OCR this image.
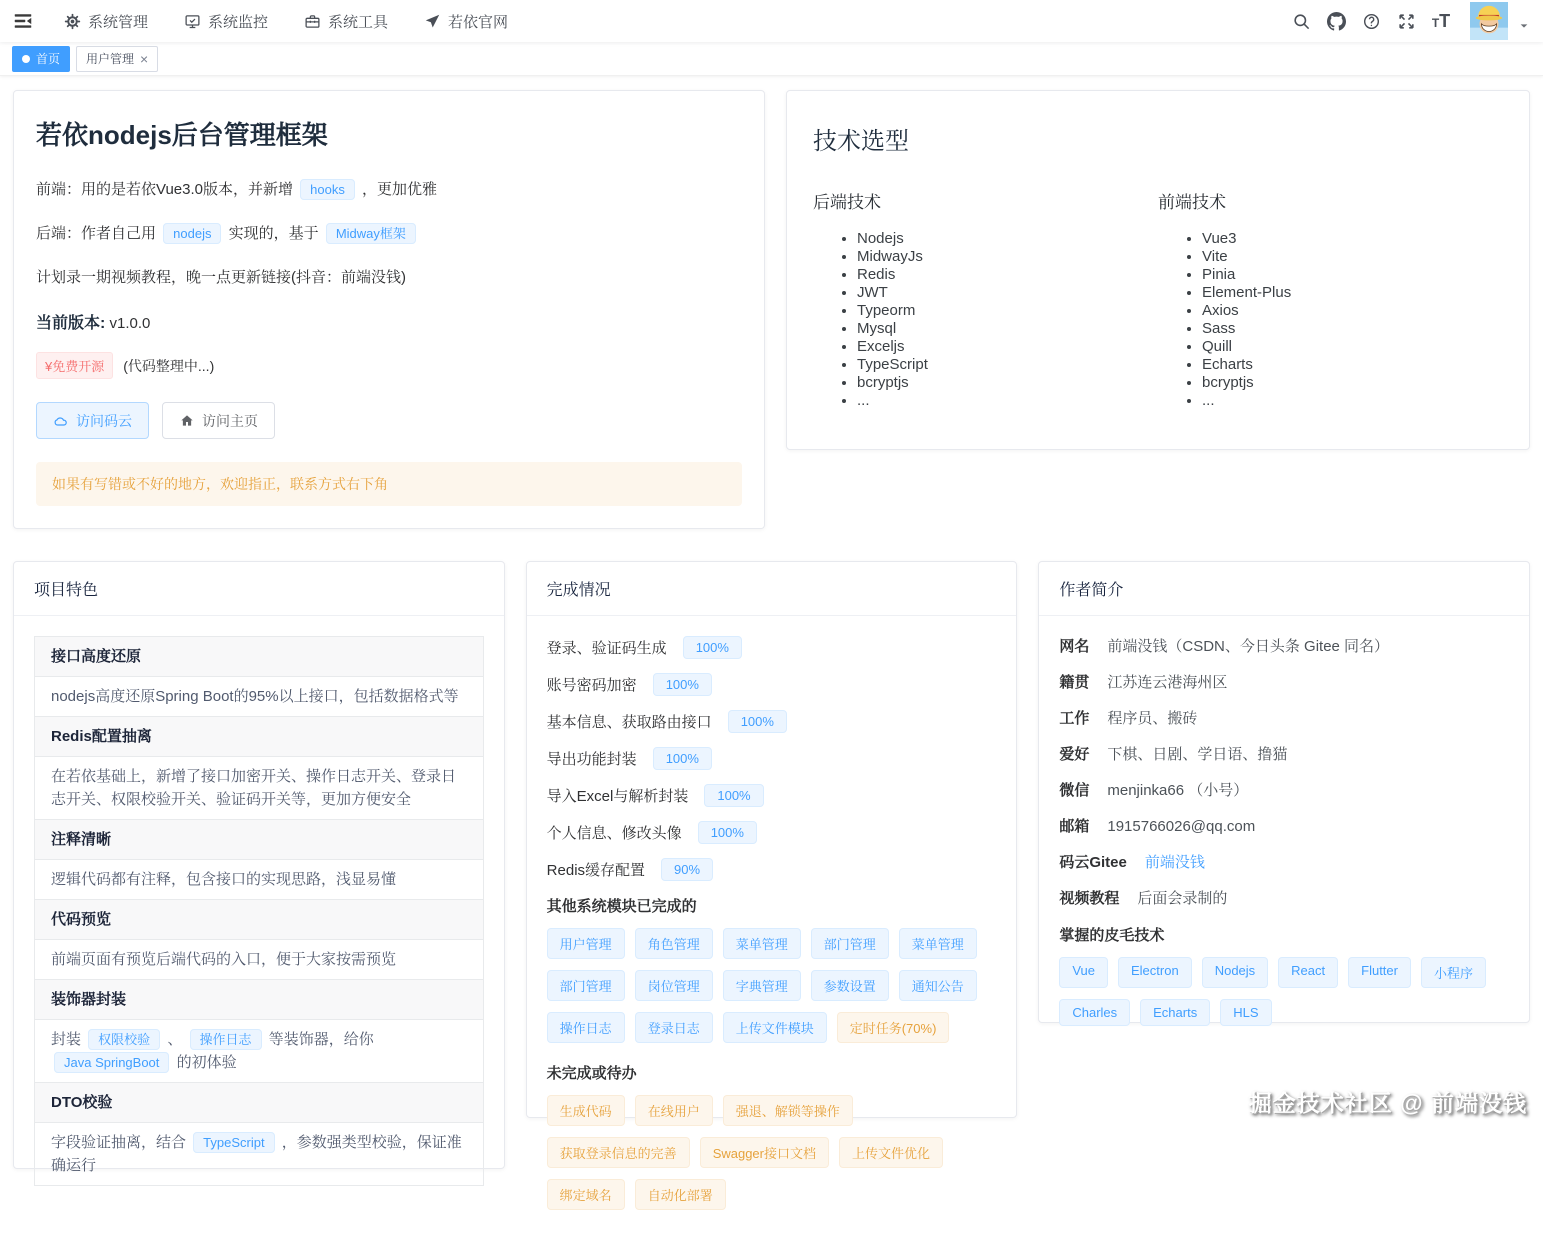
系统管理	系统监控	系统工具	若依官网	T T
首页 用户管理 ×
若依nodejs后台管理框架
前端：用的是若依Vue3.0版本，并新增 hooks ，更加优雅
后端：作者自己用 nodejs 实现的，基于 Midway框架
计划录一期视频教程，晚一点更新链接(抖音：前端没钱)

当前版本: v1.0.0

¥免费开源	(代码整理中...)

访问码云	访问主页
如果有写错或不好的地方，欢迎指正，联系方式右下角
技术选型
后端技术
• Nodejs
• MidwayJs
• Redis
• JWT
• Typeorm
• Mysql
• Exceljs
• TypeScript
• bcryptjs
• ...
前端技术
• Vue3
• Vite
• Pinia
• Element-Plus
• Axios
• Sass
• Quill
• Echarts
• bcryptjs
• ...
项目特色
接口高度还原
nodejs高度还原Spring Boot的95%以上接口，包括数据格式等
Redis配置抽离
在若依基础上，新增了接口加密开关、操作日志开关、登录日志开关、权限校验开关、验证码开关等，更加方便安全
注释清晰
逻辑代码都有注释，包含接口的实现思路，浅显易懂
代码预览
前端页面有预览后端代码的入口，便于大家按需预览
装饰器封装
封装 权限校验 、 操作日志 等装饰器，给你 Java SpringBoot 的初体验
DTO校验
字段验证抽离，结合 TypeScript ，参数强类型校验，保证准确运行
完成情况
登录、验证码生成	100%
账号密码加密	100%
基本信息、获取路由接口	100%
导出功能封装	100%
导入Excel与解析封装	100%
个人信息、修改头像	100%
Redis缓存配置	90%
其他系统模块已完成的
用户管理	角色管理	菜单管理	部门管理	菜单管理
部门管理	岗位管理	字典管理	参数设置	通知公告
操作日志	登录日志	上传文件模块	定时任务(70%)
未完成或待办
生成代码	在线用户	强退、解锁等操作
获取登录信息的完善	Swagger接口文档	上传文件优化
绑定域名	自动化部署
作者简介
网名 前端没钱（CSDN、今日头条 Gitee 同名）
籍贯 江苏连云港海州区
工作 程序员、搬砖
爱好 下棋、日剧、学日语、撸猫
微信 menjinka66 （小号）
邮箱 1915766026@qq.com
码云Gitee 前端没钱
视频教程 后面会录制的
掌握的皮毛技术
Vue	Electron	Nodejs	React	Flutter	小程序
Charles	Echarts	HLS
掘金技术社区 @ 前端没钱
